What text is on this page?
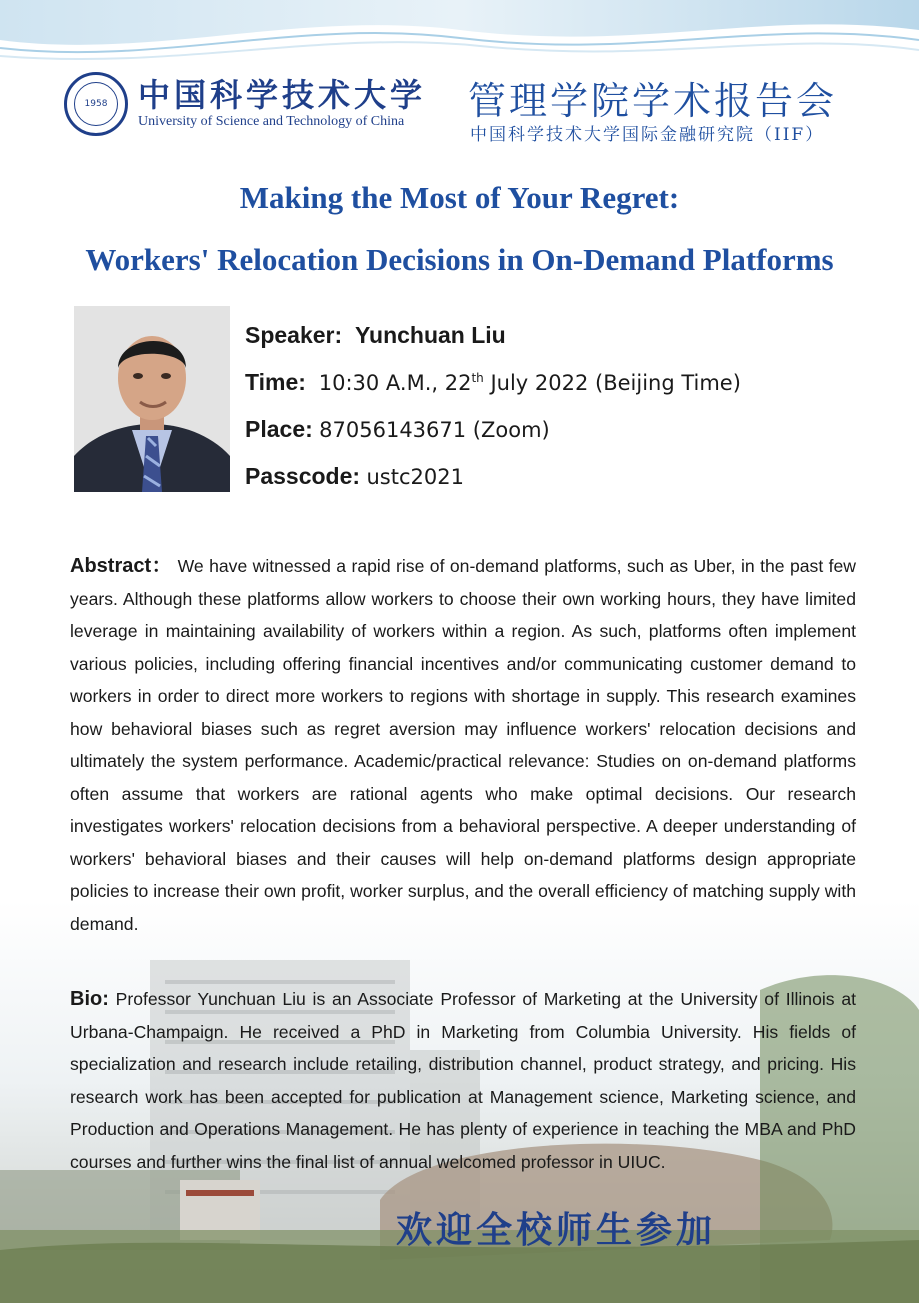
1958 中国科学技术大学
University of Science and Technology of China 管理学院学术报告会
中国科学技术大学国际金融研究院（IIF）
Making the Most of Your Regret:
Workers' Relocation Decisions in On-Demand Platforms
Speaker: Yunchuan Liu
Time: 10:30 A.M., 22th July 2022 (Beijing Time)
Place: 87056143671 (Zoom)
Passcode: ustc2021
Abstract： We have witnessed a rapid rise of on-demand platforms, such as Uber, in the past few years. Although these platforms allow workers to choose their own working hours, they have limited leverage in maintaining availability of workers within a region. As such, platforms often implement various policies, including offering financial incentives and/or communicating customer demand to workers in order to direct more workers to regions with shortage in supply. This research examines how behavioral biases such as regret aversion may influence workers' relocation decisions and ultimately the system performance. Academic/practical relevance: Studies on on-demand platforms often assume that workers are rational agents who make optimal decisions. Our research investigates workers' relocation decisions from a behavioral perspective. A deeper understanding of workers' behavioral biases and their causes will help on-demand platforms design appropriate policies to increase their own profit, worker surplus, and the overall efficiency of matching supply with demand.
Bio: Professor Yunchuan Liu is an Associate Professor of Marketing at the University of Illinois at Urbana-Champaign. He received a PhD in Marketing from Columbia University. His fields of specialization and research include retailing, distribution channel, product strategy, and pricing. His research work has been accepted for publication at Management science, Marketing science, and Production and Operations Management. He has plenty of experience in teaching the MBA and PhD courses and further wins the final list of annual welcomed professor in UIUC.
欢迎全校师生参加
